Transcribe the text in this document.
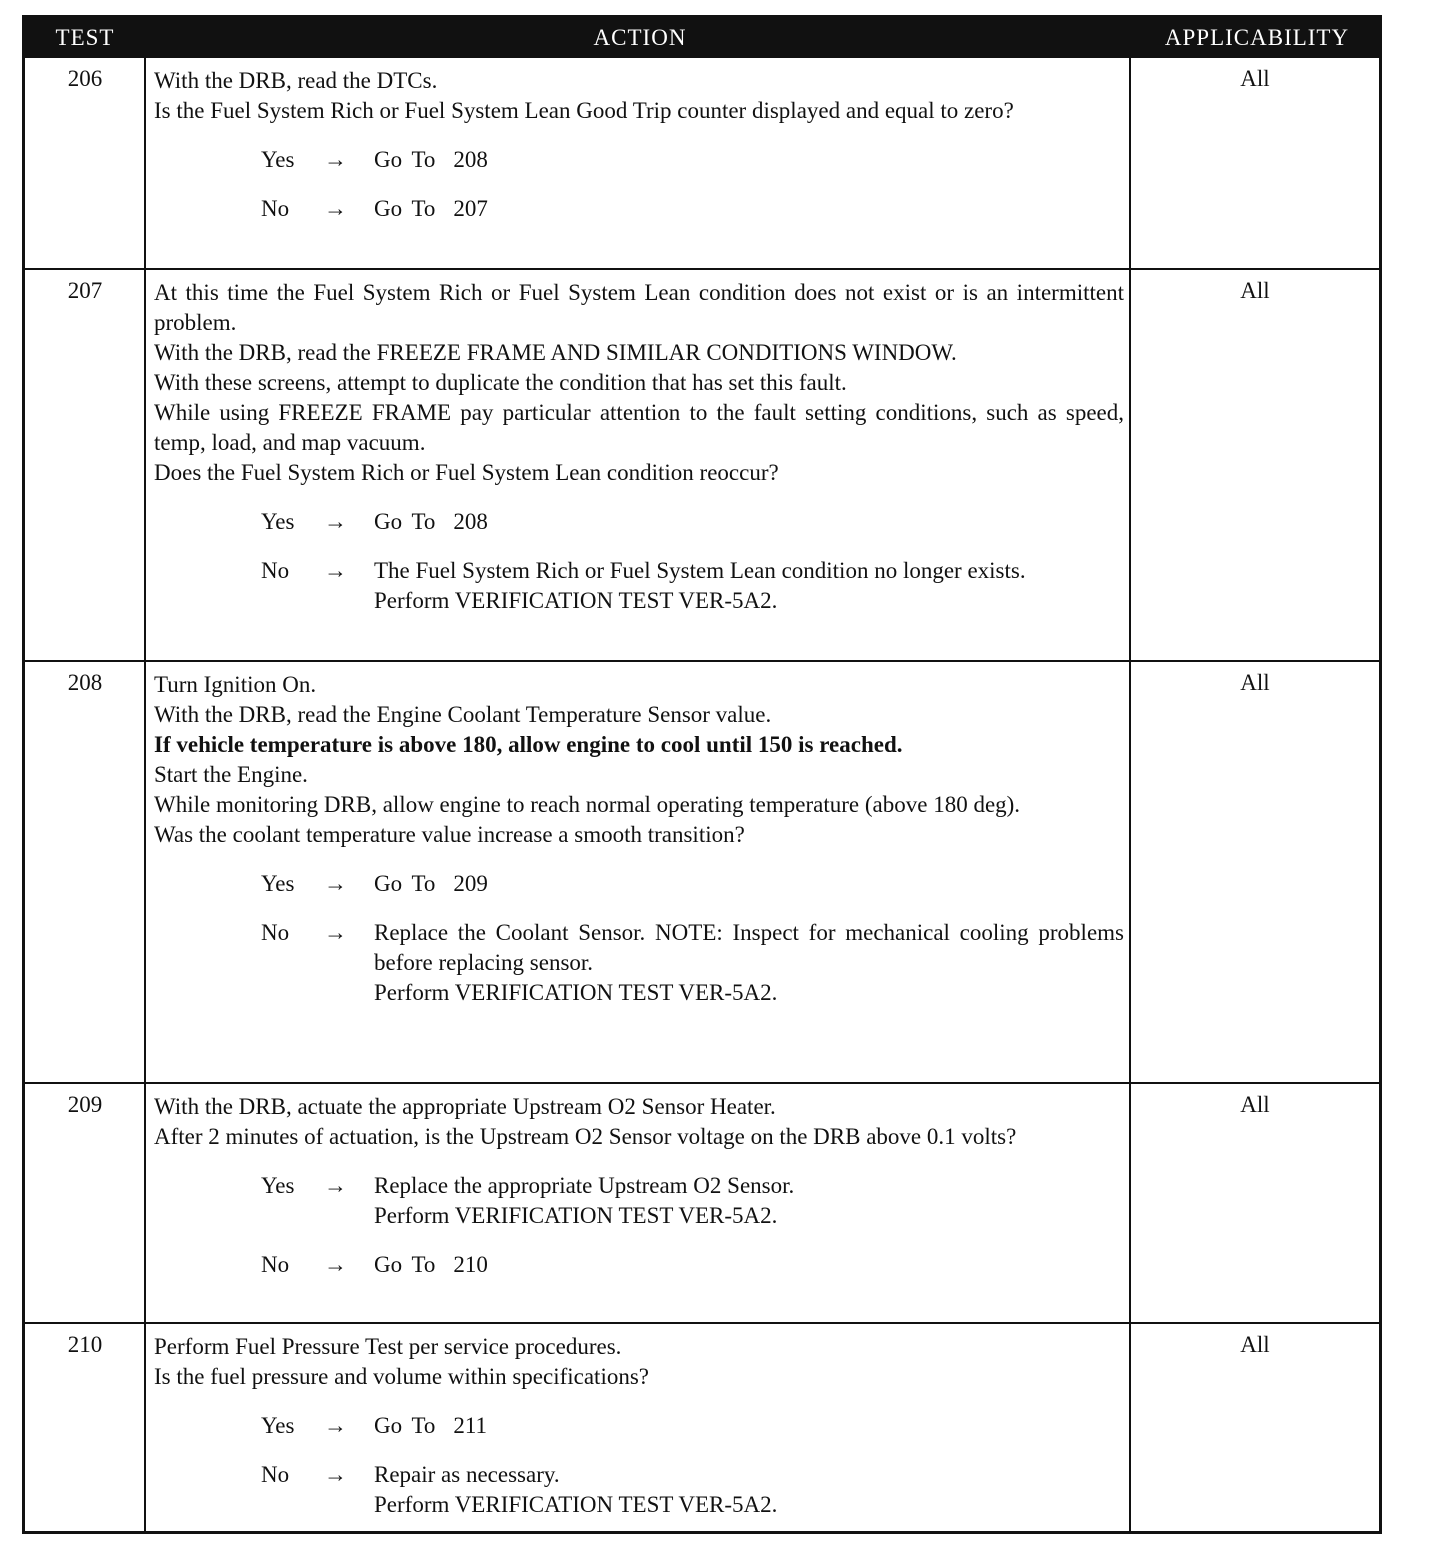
TEST	ACTION	APPLICABILITY
206	With the DRB, read the DTCs.
Is the Fuel System Rich or Fuel System Lean Good Trip counter displayed and equal to zero?
Yes → Go To 208
No → Go To 207
All
207	At this time the Fuel System Rich or Fuel System Lean condition does not exist or is an intermittent problem.
With the DRB, read the FREEZE FRAME AND SIMILAR CONDITIONS WINDOW.
With these screens, attempt to duplicate the condition that has set this fault.
While using FREEZE FRAME pay particular attention to the fault setting conditions, such as speed, temp, load, and map vacuum.
Does the Fuel System Rich or Fuel System Lean condition reoccur?
Yes → Go To 208
No → The Fuel System Rich or Fuel System Lean condition no longer exists.
Perform VERIFICATION TEST VER-5A2.
All
208	Turn Ignition On.
With the DRB, read the Engine Coolant Temperature Sensor value.
If vehicle temperature is above 180, allow engine to cool until 150 is reached.
Start the Engine.
While monitoring DRB, allow engine to reach normal operating temperature (above 180 deg).
Was the coolant temperature value increase a smooth transition?
Yes → Go To 209
No → Replace the Coolant Sensor. NOTE: Inspect for mechanical cooling problems before replacing sensor.
Perform VERIFICATION TEST VER-5A2.
All
209	With the DRB, actuate the appropriate Upstream O2 Sensor Heater.
After 2 minutes of actuation, is the Upstream O2 Sensor voltage on the DRB above 0.1 volts?
Yes → Replace the appropriate Upstream O2 Sensor.
Perform VERIFICATION TEST VER-5A2.
No → Go To 210
All
210	Perform Fuel Pressure Test per service procedures.
Is the fuel pressure and volume within specifications?
Yes → Go To 211
No → Repair as necessary.
Perform VERIFICATION TEST VER-5A2.
All
